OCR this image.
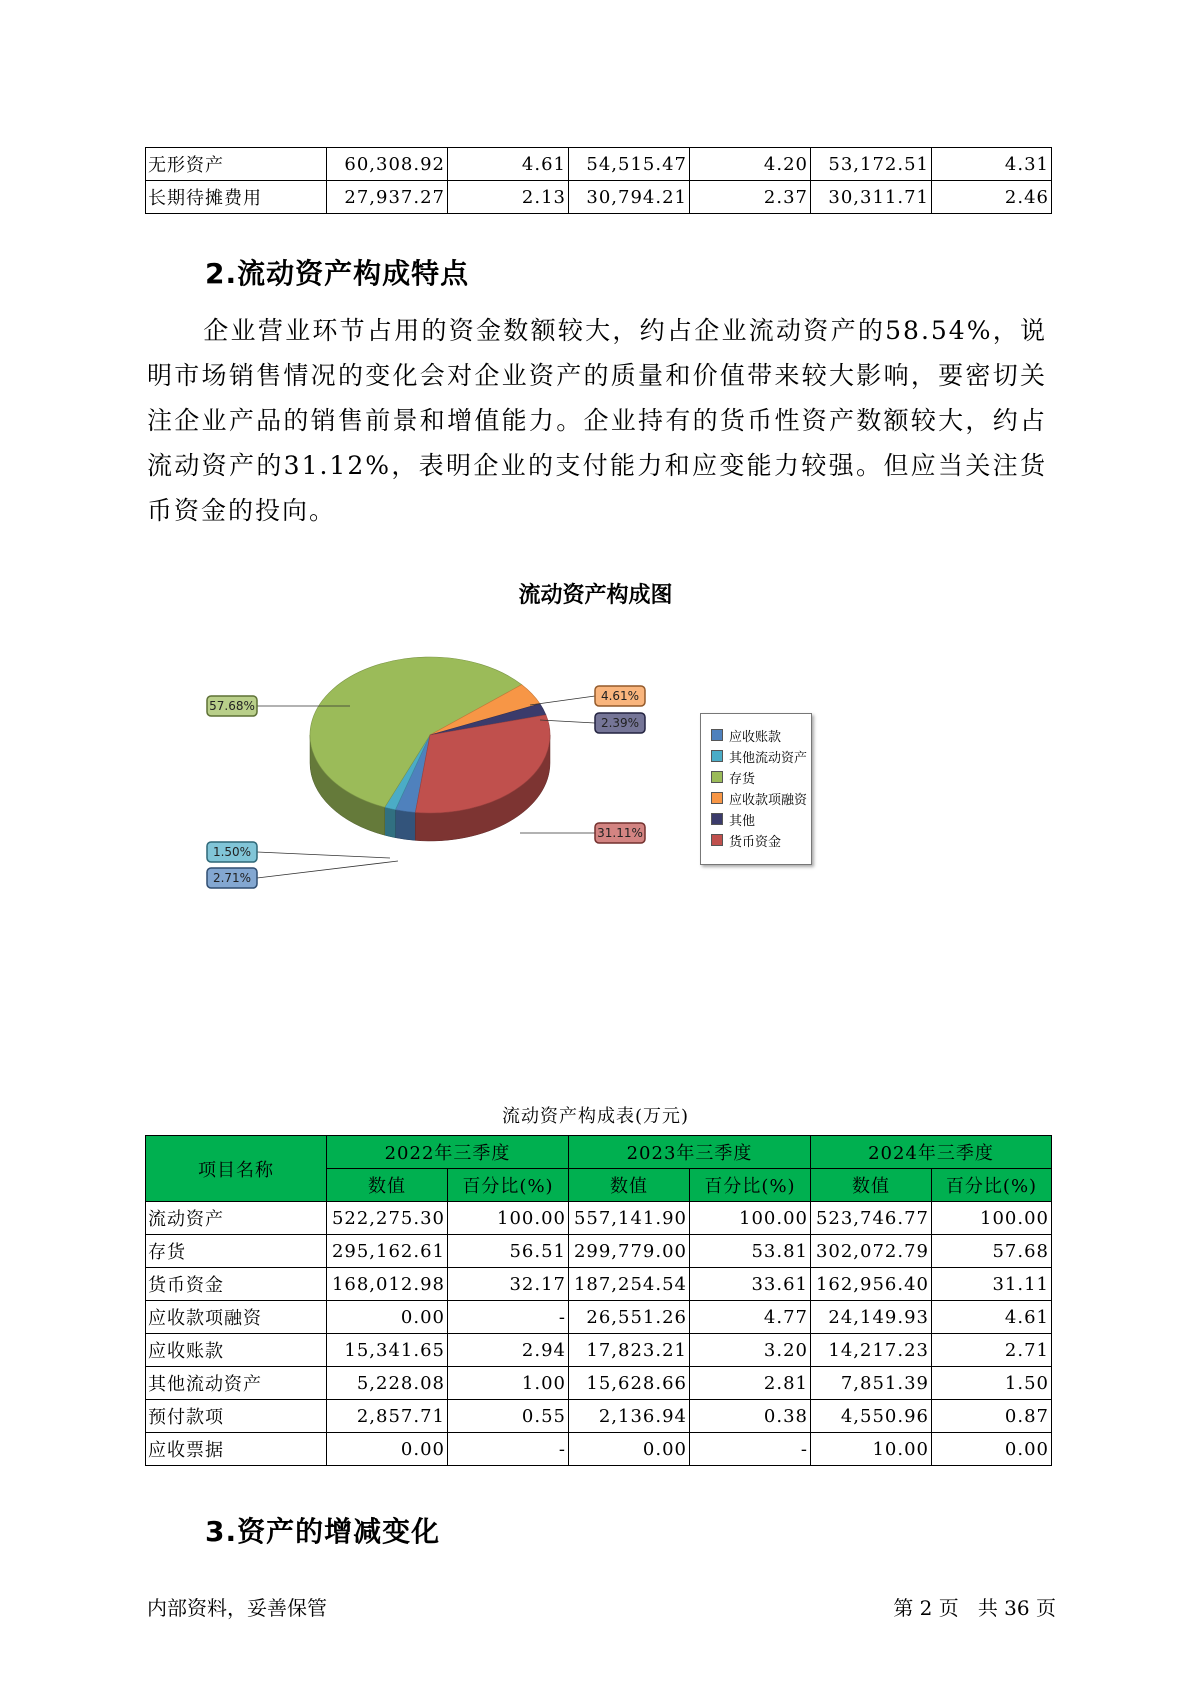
无形资产	60,308.92	4.61	54,515.47	4.20	53,172.51	4.31
长期待摊费用	27,937.27	2.13	30,794.21	2.37	30,311.71	2.46
2.流动资产构成特点

企业营业环节占用的资金数额较大，约占企业流动资产的58.54%，说明市场销售情况的变化会对企业资产的质量和价值带来较大影响，要密切关注企业产品的销售前景和增值能力。企业持有的货币性资产数额较大，约占流动资产的31.12%，表明企业的支付能力和应变能力较强。但应当关注货币资金的投向。

流动资产构成图
2.71%
1.50%
57.68%
4.61%
2.39%
31.11%
应收账款
其他流动资产
存货
应收款项融资
其他
货币资金
流动资产构成表(万元)
项目名称	2022年三季度		2023年三季度		2024年三季度	
	数值	百分比(%)	数值	百分比(%)	数值	百分比(%)
流动资产	522,275.30	100.00	557,141.90	100.00	523,746.77	100.00
存货	295,162.61	56.51	299,779.00	53.81	302,072.79	57.68
货币资金	168,012.98	32.17	187,254.54	33.61	162,956.40	31.11
应收款项融资	0.00	-	26,551.26	4.77	24,149.93	4.61
应收账款	15,341.65	2.94	17,823.21	3.20	14,217.23	2.71
其他流动资产	5,228.08	1.00	15,628.66	2.81	7,851.39	1.50
预付款项	2,857.71	0.55	2,136.94	0.38	4,550.96	0.87
应收票据	0.00	-	0.00	-	10.00	0.00
3.资产的增减变化
内部资料，妥善保管	第 2 页   共 36 页
